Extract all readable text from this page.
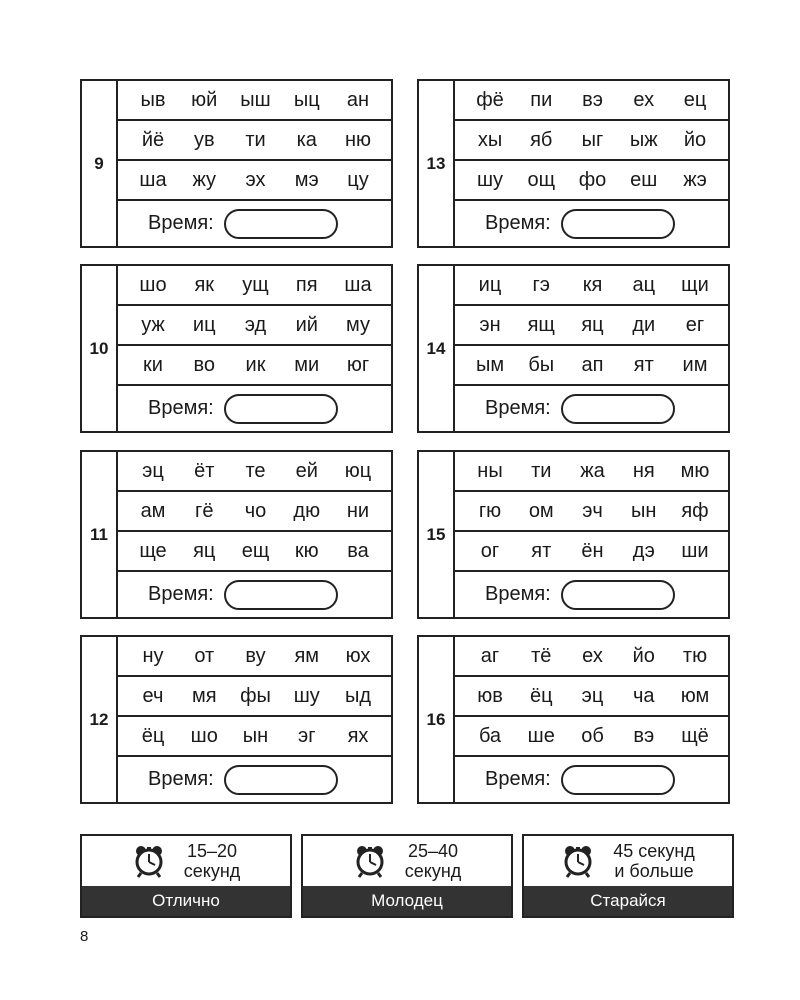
9
ыв	юй	ыш	ыц	ан
йё	ув	ти	ка	ню
ша	жу	эх	мэ	цу
Время:
10
шо	як	ущ	пя	ша
уж	иц	эд	ий	му
ки	во	ик	ми	юг
Время:
11
эц	ёт	те	ей	юц
ам	гё	чо	дю	ни
ще	яц	ещ	кю	ва
Время:
12
ну	от	ву	ям	юх
еч	мя	фы	шу	ыд
ёц	шо	ын	эг	ях
Время:
13
фё	пи	вэ	ех	ец
хы	яб	ыг	ыж	йо
шу	ощ	фо	еш	жэ
Время:
14
иц	гэ	кя	ац	щи
эн	ящ	яц	ди	ег
ым	бы	ап	ят	им
Время:
15
ны	ти	жа	ня	мю
гю	ом	эч	ын	яф
ог	ят	ён	дэ	ши
Время:
16
аг	тё	ех	йо	тю
юв	ёц	эц	ча	юм
ба	ше	об	вэ	щё
Время:
15–20
секунд
Отлично
25–40
секунд
Молодец
45 секунд
и больше
Старайся
8
